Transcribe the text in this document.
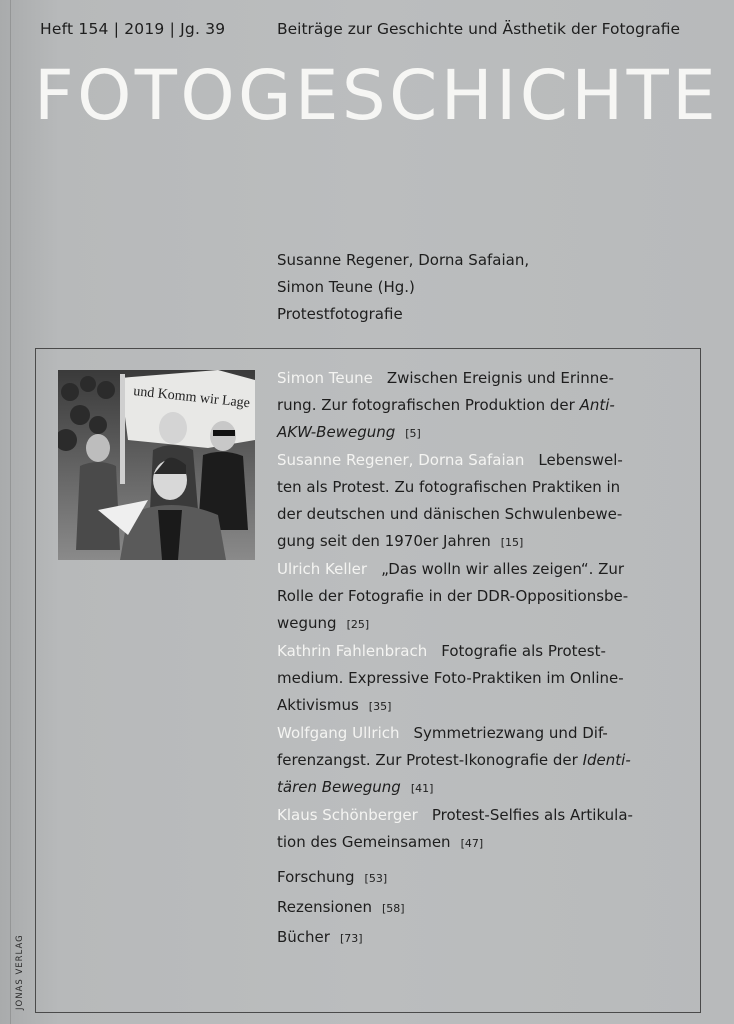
Heft 154 | 2019 | Jg. 39	Beiträge zur Geschichte und Ästhetik der Fotografie
FOTOGESCHICHTE
Susanne Regener, Dorna Safaian,
Simon Teune (Hg.)
Protestfotografie
und Komm wir Lage
Simon Teune Zwischen Ereignis und Erinne-
rung. Zur fotografischen Produktion der Anti-
AKW-Bewegung [5]
Susanne Regener, Dorna Safaian Lebenswel-
ten als Protest. Zu fotografischen Praktiken in
der deutschen und dänischen Schwulenbewe-
gung seit den 1970er Jahren [15]
Ulrich Keller „Das wolln wir alles zeigen“. Zur
Rolle der Fotografie in der DDR-Oppositionsbe-
wegung [25]
Kathrin Fahlenbrach Fotografie als Protest-
medium. Expressive Foto-Praktiken im Online-
Aktivismus [35]
Wolfgang Ullrich Symmetriezwang und Dif-
ferenzangst. Zur Protest-Ikonografie der Identi-
tären Bewegung [41]
Klaus Schönberger Protest-Selfies als Artikula-
tion des Gemeinsamen [47]
Forschung [53]
Rezensionen [58]
Bücher [73]
JONAS VERLAG
